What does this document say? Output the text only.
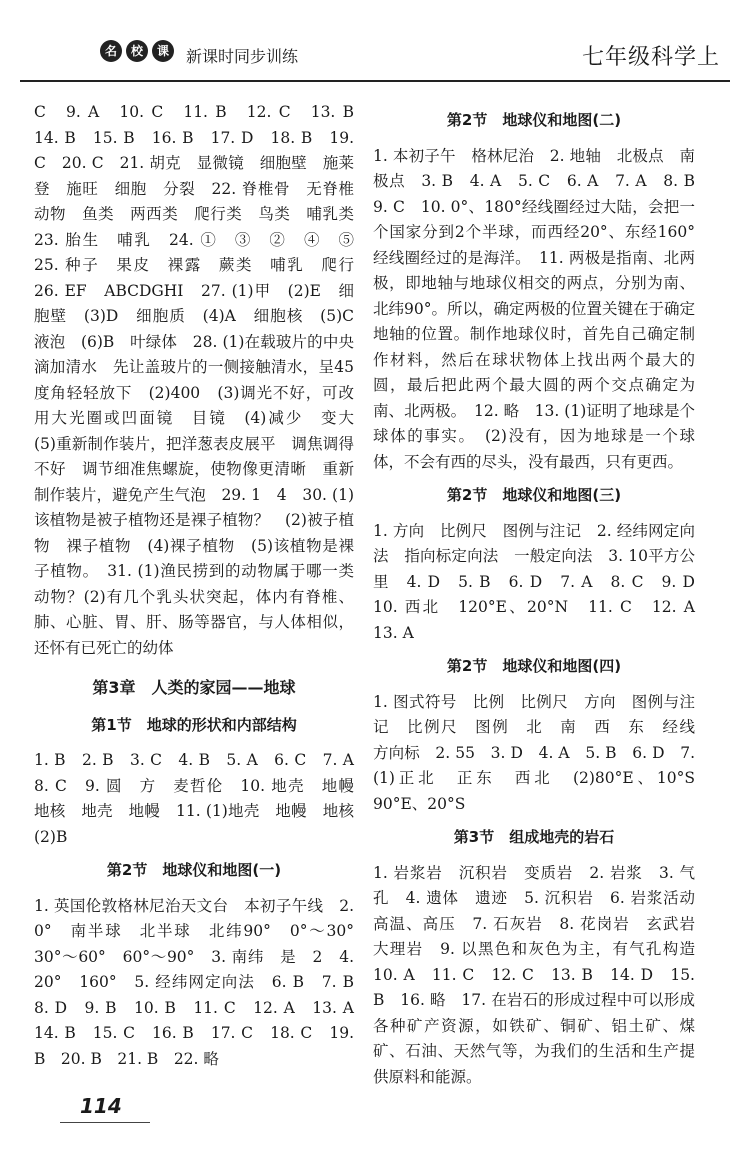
名	校	课	新课时同步训练	七年级科学上

C　9. A　10. C　11. B　12. C　13. B　14. B　15. B　16. B　17. D　18. B　19. C　20. C　21. 胡克　显微镜　细胞壁　施莱登　施旺　细胞　分裂　22. 脊椎骨　无脊椎动物　鱼类　两西类　爬行类　鸟类　哺乳类　23. 胎生　哺乳　24. ①　③　②　④　⑤　25. 种子　果皮　裸露　蕨类　哺乳　爬行　26. EF　ABCDGHI　27. (1)甲　(2)E　细胞壁　(3)D　细胞质　(4)A　细胞核　(5)C　液泡　(6)B　叶绿体　28. (1)在载玻片的中央滴加清水　先让盖玻片的一侧接触清水，呈45度角轻轻放下　(2)400　(3)调光不好，可改用大光圈或凹面镜　目镜　(4)减少　变大　(5)重新制作装片，把洋葱表皮展平　调焦调得不好　调节细准焦螺旋，使物像更清晰　重新制作装片，避免产生气泡　29. 1　4　30. (1)该植物是被子植物还是裸子植物？　(2)被子植物　裸子植物　(4)裸子植物　(5)该植物是裸子植物。　31. (1)渔民捞到的动物属于哪一类动物？(2)有几个乳头状突起，体内有脊椎、肺、心脏、胃、肝、肠等器官，与人体相似，还怀有已死亡的幼体

第3章　人类的家园——地球
第1节　地球的形状和内部结构

1. B　2. B　3. C　4. B　5. A　6. C　7. A　8. C　9. 圆　方　麦哲伦　10. 地壳　地幔　地核　地壳　地幔　11. (1)地壳　地幔　地核　(2)B

第2节　地球仪和地图(一)

1. 英国伦敦格林尼治天文台　本初子午线　2. 0°　南半球　北半球　北纬90°　0°～30°　30°～60°　60°～90°　3. 南纬　是　2　4. 20°　160°　5. 经纬网定向法　6. B　7. B　8. D　9. B　10. B　11. C　12. A　13. A　14. B　15. C　16. B　17. C　18. C　19. B　20. B　21. B　22. 略

第2节　地球仪和地图(二)

1. 本初子午　格林尼治　2. 地轴　北极点　南极点　3. B　4. A　5. C　6. A　7. A　8. B　9. C　10. 0°、180°经线圈经过大陆，会把一个国家分到2个半球，而西经20°、东经160°经线圈经过的是海洋。　11. 两极是指南、北两极，即地轴与地球仪相交的两点，分别为南、北纬90°。所以，确定两极的位置关键在于确定地轴的位置。制作地球仪时，首先自己确定制作材料，然后在球状物体上找出两个最大的圆，最后把此两个最大圆的两个交点确定为南、北两极。　12. 略　13. (1)证明了地球是个球体的事实。　(2)没有，因为地球是一个球体，不会有西的尽头，没有最西，只有更西。

第2节　地球仪和地图(三)

1. 方向　比例尺　图例与注记　2. 经纬网定向法　指向标定向法　一般定向法　3. 10平方公里　4. D　5. B　6. D　7. A　8. C　9. D　10. 西北　120°E、20°N　11. C　12. A　13. A

第2节　地球仪和地图(四)

1. 图式符号　比例　比例尺　方向　图例与注记　比例尺　图例　北　南　西　东　经线　方向标　2. 55　3. D　4. A　5. B　6. D　7. (1)正北　正东　西北　(2)80°E、10°S　90°E、20°S

第3节　组成地壳的岩石

1. 岩浆岩　沉积岩　变质岩　2. 岩浆　3. 气孔　4. 遗体　遗迹　5. 沉积岩　6. 岩浆活动　高温、高压　7. 石灰岩　8. 花岗岩　玄武岩　大理岩　9. 以黑色和灰色为主，有气孔构造　10. A　11. C　12. C　13. B　14. D　15. B　16. 略　17. 在岩石的形成过程中可以形成各种矿产资源，如铁矿、铜矿、铝土矿、煤矿、石油、天然气等，为我们的生活和生产提供原料和能源。

114
